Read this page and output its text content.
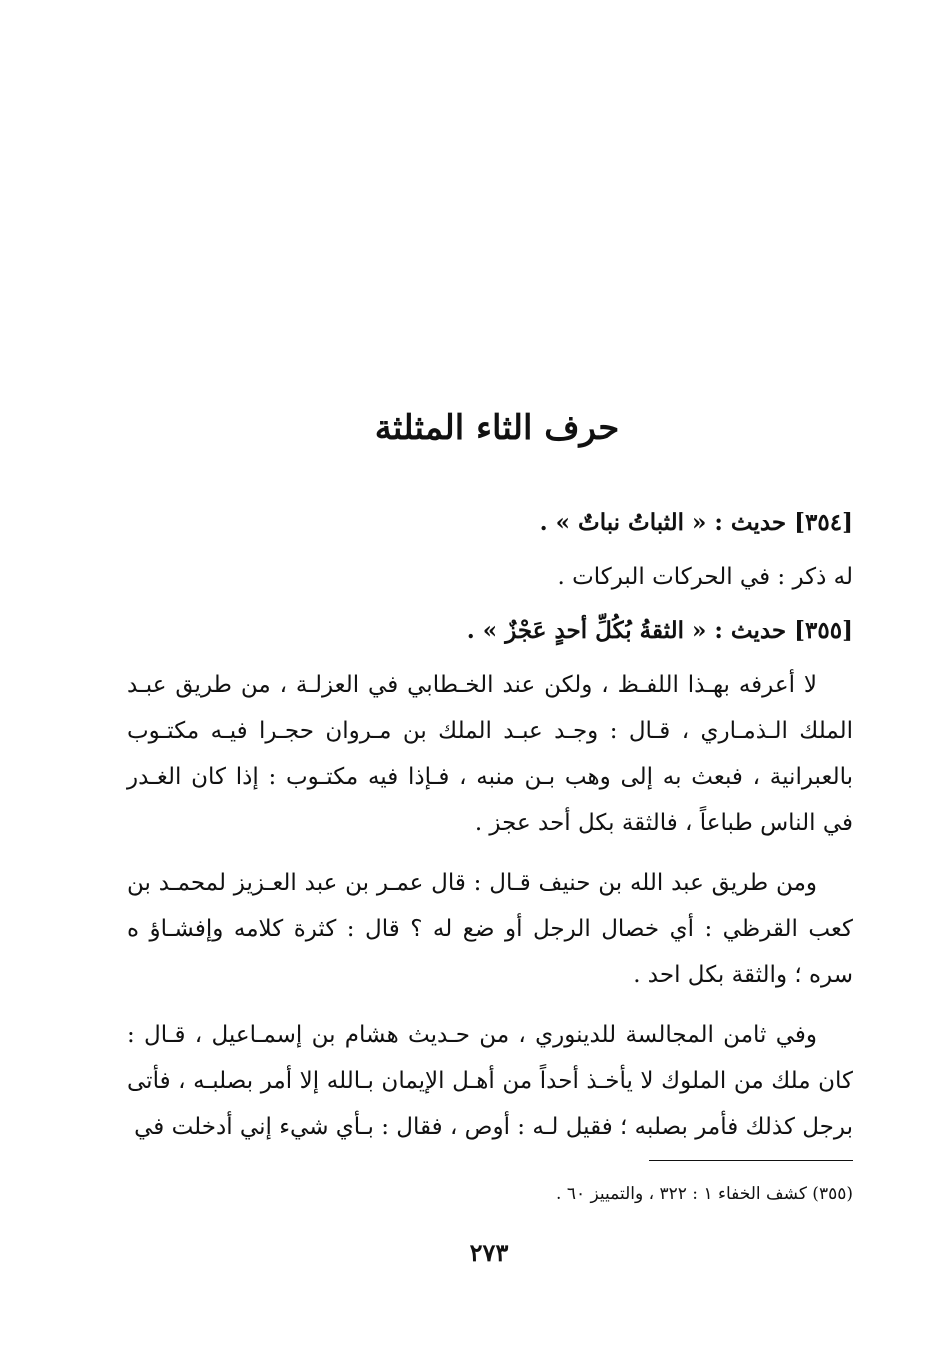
حرف الثاء المثلثة

[٣٥٤] حديث : « الثباتُ نباتٌ » .

له ذكر : في الحركات البركات .

[٣٥٥] حديث : « الثقةُ بُكُلِّ أحدٍ عَجْزٌ » .

لا أعرفه بهـذا اللفـظ ، ولكن عند الخـطابي في العزلـة ، من طريق عبـد الملك الـذمـاري ، قـال : وجـد عبـد الملك بن مـروان حجـرا فيـه مكتـوب بالعبرانية ، فبعث به إلى وهب بـن منبه ، فـإذا فيه مكتـوب : إذا كان الغـدر في الناس طباعاً ، فالثقة بكل أحد عجز .

ومن طريق عبد الله بن حنيف قـال : قال عمـر بن عبد العـزيز لمحمـد بن كعب القرظي : أي خصال الرجل أو ضع له ؟ قال : كثرة كلامه وإفشـاؤ ه سره ؛ والثقة بكل احد .

وفي ثامن المجالسة للدينوري ، من حـديث هشام بن إسمـاعيل ، قـال : كان ملك من الملوك لا يأخـذ أحداً من أهـل الإيمان بـالله إلا أمر بصلبـه ، فأتى برجل كذلك فأمر بصلبه ؛ فقيل لـه : أوص ، فقال : بـأي شيء إني أدخلت في

(٣٥٥) كشف الخفاء ١ : ٣٢٢ ، والتمييز ٦٠ .

٢٧٣
